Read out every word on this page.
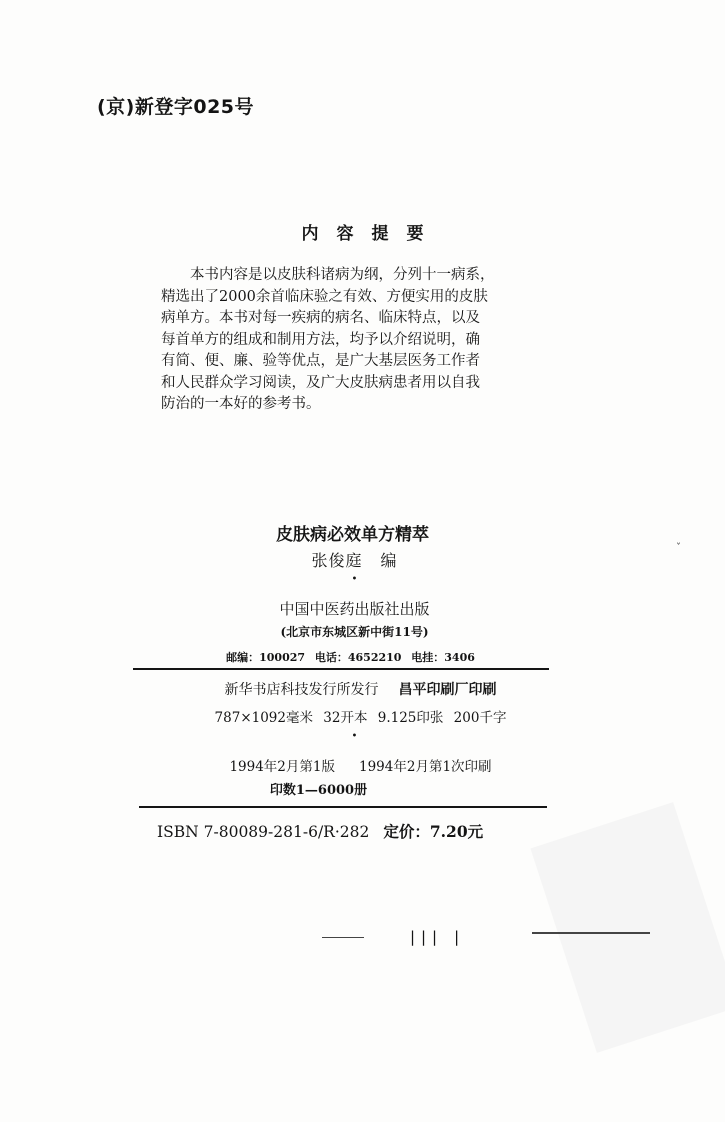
ˇ
(京)新登字025号
内 容 提 要
本书内容是以皮肤科诸病为纲，分列十一病系，
精选出了2000余首临床验之有效、方便实用的皮肤
病单方。本书对每一疾病的病名、临床特点，以及
每首单方的组成和制用方法，均予以介绍说明，确
有简、便、廉、验等优点，是广大基层医务工作者
和人民群众学习阅读，及广大皮肤病患者用以自我
防治的一本好的参考书。
皮肤病必效单方精萃
张俊庭 编
•
中国中医药出版社出版
(北京市东城区新中街11号)
邮编：100027 电话：4652210 电挂：3406
新华书店科技发行所发行 昌平印刷厂印刷
787×1092毫米 32开本 9.125印张 200千字
•
1994年2月第1版 1994年2月第1次印刷
印数1—6000册
ISBN 7-80089-281-6/R·282 定价：7.20元
||| |
